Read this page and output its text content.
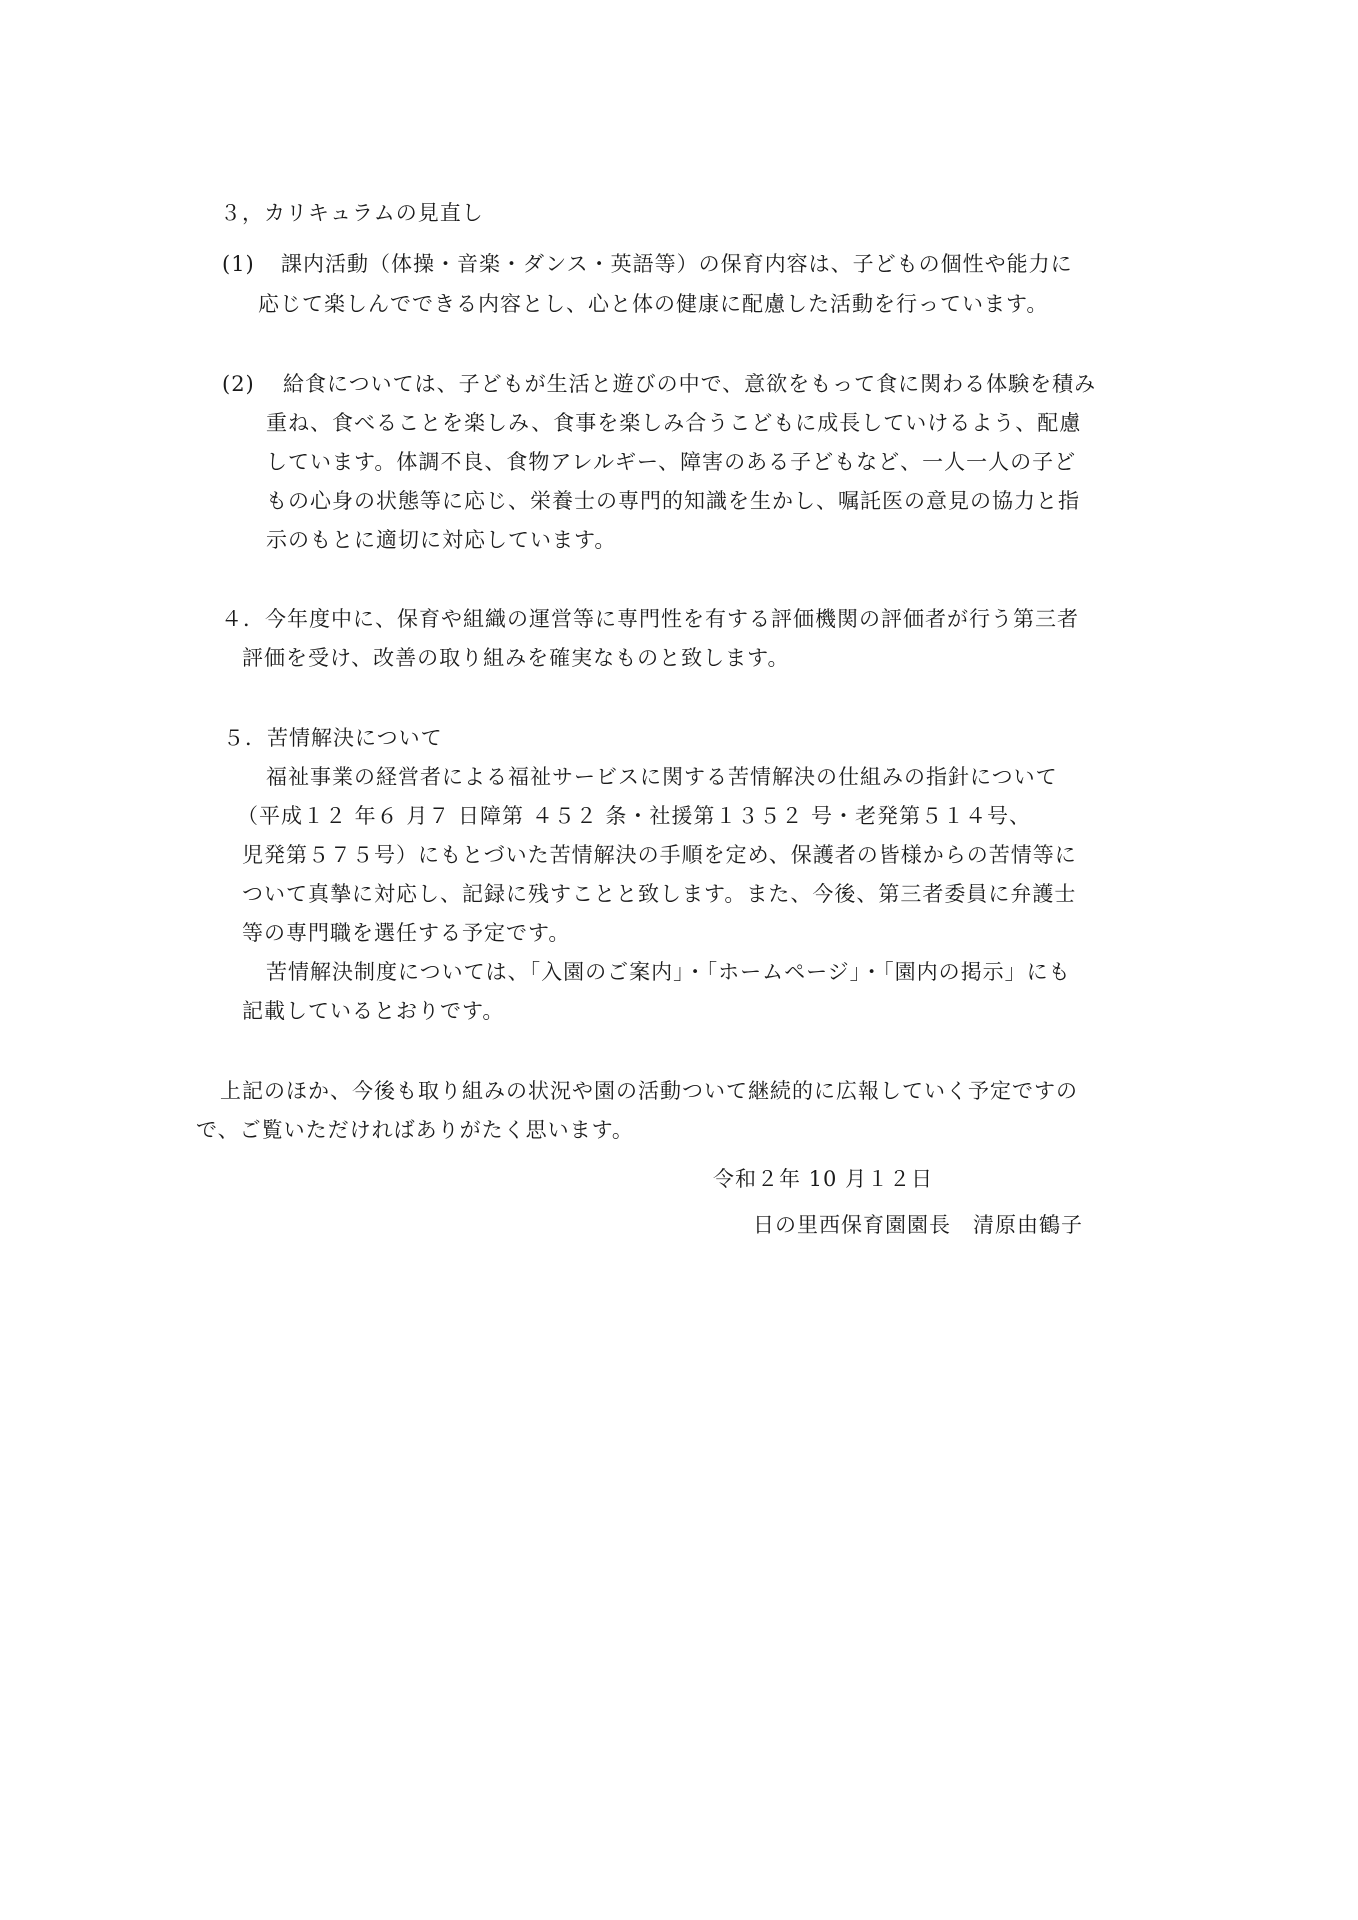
３，カリキュラムの見直し
(1) 課内活動（体操・音楽・ダンス・英語等）の保育内容は、子どもの個性や能力に
応じて楽しんでできる内容とし、心と体の健康に配慮した活動を行っています。
(2) 給食については、子どもが生活と遊びの中で、意欲をもって食に関わる体験を積み
重ね、食べることを楽しみ、食事を楽しみ合うこどもに成長していけるよう、配慮
しています。体調不良、食物アレルギー、障害のある子どもなど、一人一人の子ど
もの心身の状態等に応じ、栄養士の専門的知識を生かし、嘱託医の意見の協力と指
示のもとに適切に対応しています。
４．今年度中に、保育や組織の運営等に専門性を有する評価機関の評価者が行う第三者
評価を受け、改善の取り組みを確実なものと致します。
５．苦情解決について
福祉事業の経営者による福祉サービスに関する苦情解決の仕組みの指針について
（平成１２ 年６ 月７ 日障第 ４５２ 条・社援第１３５２ 号・老発第５１４号、
児発第５７５号）にもとづいた苦情解決の手順を定め、保護者の皆様からの苦情等に
ついて真摯に対応し、記録に残すことと致します。また、今後、第三者委員に弁護士
等の専門職を選任する予定です。
苦情解決制度については、「入園のご案内」・「ホームページ」・「園内の掲示」にも
記載しているとおりです。
上記のほか、今後も取り組みの状況や園の活動ついて継続的に広報していく予定ですの
で、ご覧いただければありがたく思います。
令和２年 10 月１２日
日の里西保育園園長　清原由鶴子
